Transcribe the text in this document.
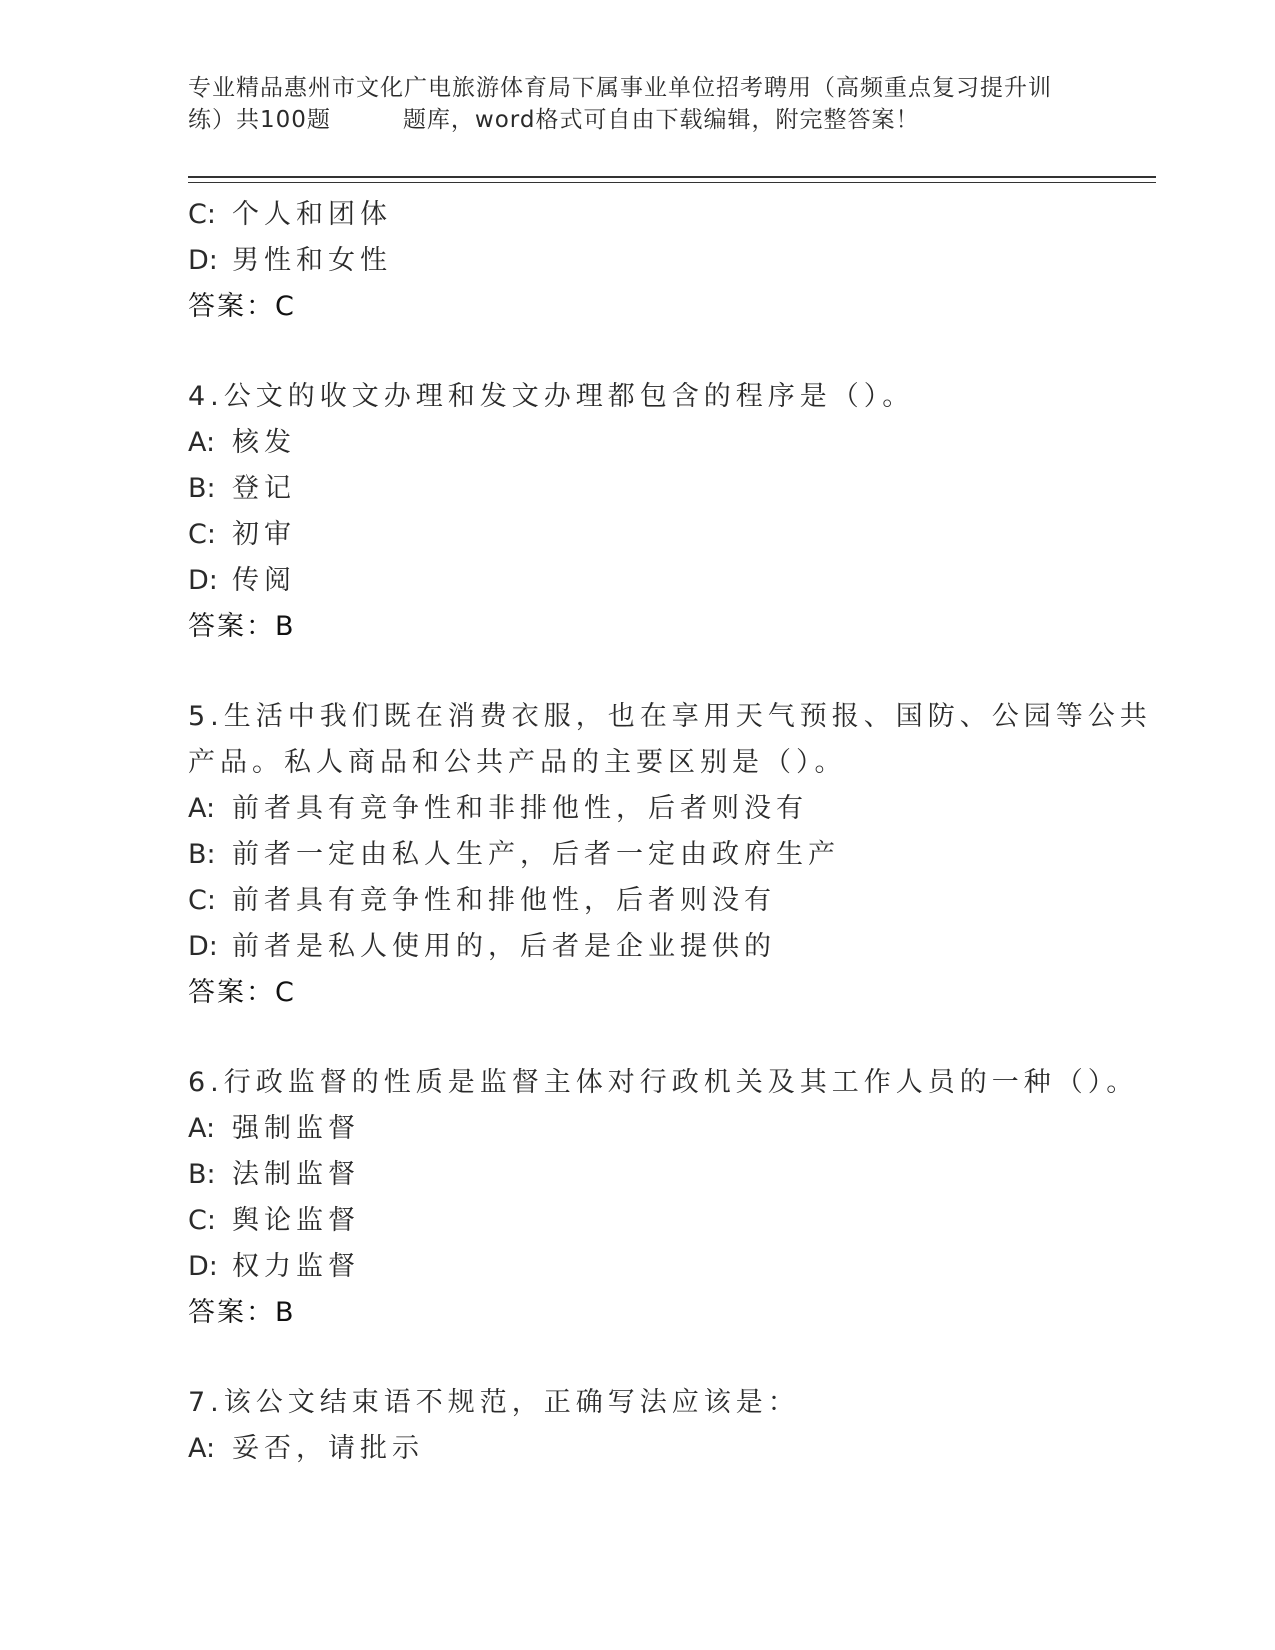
专业精品惠州市文化广电旅游体育局下属事业单位招考聘用（高频重点复习提升训
练）共100题	题库，word格式可自由下载编辑，附完整答案！
C: 个人和团体
D: 男性和女性
答案：C
4.公文的收文办理和发文办理都包含的程序是（）。
A: 核发
B: 登记
C: 初审
D: 传阅
答案：B
5.生活中我们既在消费衣服，也在享用天气预报、国防、公园等公共
产品。私人商品和公共产品的主要区别是（）。
A: 前者具有竞争性和非排他性，后者则没有
B: 前者一定由私人生产，后者一定由政府生产
C: 前者具有竞争性和排他性，后者则没有
D: 前者是私人使用的，后者是企业提供的
答案：C
6.行政监督的性质是监督主体对行政机关及其工作人员的一种（）。
A: 强制监督
B: 法制监督
C: 舆论监督
D: 权力监督
答案：B
7.该公文结束语不规范，正确写法应该是：
A: 妥否，请批示
